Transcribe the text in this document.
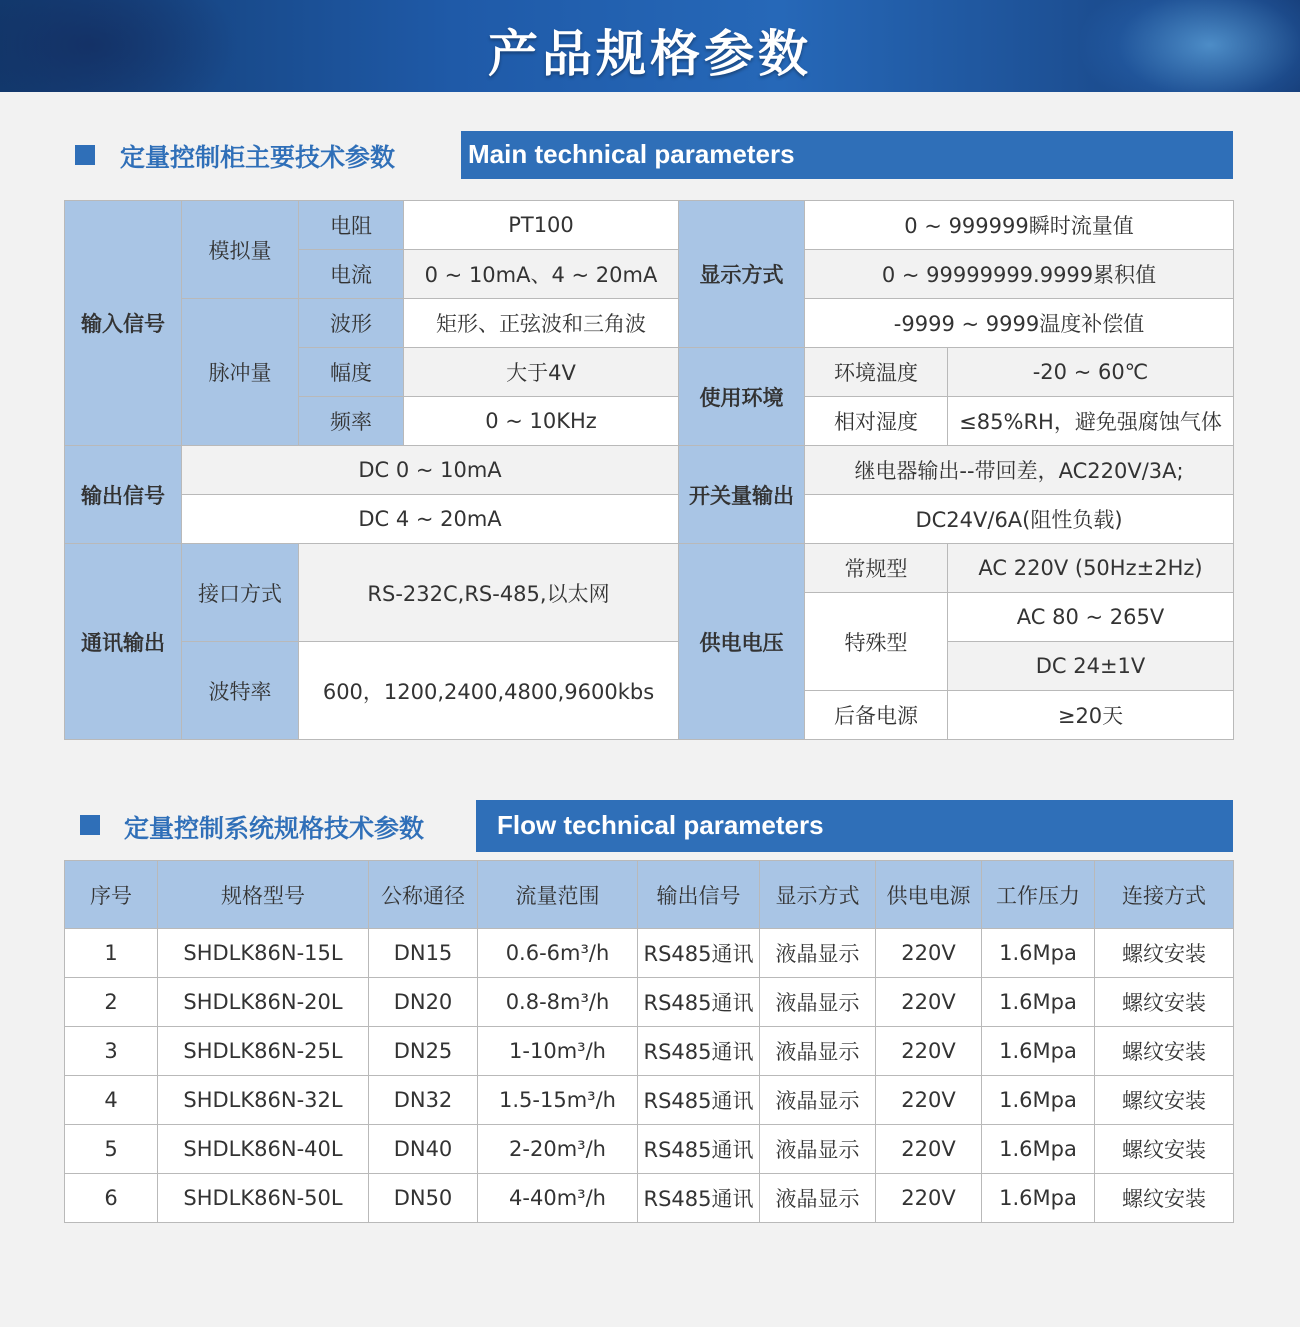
产品规格参数
定量控制柜主要技术参数	Main technical parameters
输入信号	模拟量	电阻	PT100	显示方式	0 ~ 999999瞬时流量值	
		电流	0 ~ 10mA、4 ~ 20mA		0 ~ 99999999.9999累积值	
	脉冲量	波形	矩形、正弦波和三角波		-9999 ~ 9999温度补偿值	
		幅度	大于4V	使用环境	环境温度	-20 ~ 60℃
		频率	0 ~ 10KHz		相对湿度	≤85%RH，避免强腐蚀气体
输出信号	DC 0 ~ 10mA			开关量输出	继电器输出--带回差，AC220V/3A;	
	DC 4 ~ 20mA				DC24V/6A(阻性负载)	
通讯输出	接口方式	RS-232C,RS-485,以太网		供电电压	常规型	AC 220V (50Hz±2Hz)
					特殊型	AC 80 ~ 265V
	波特率	600，1200,2400,4800,9600kbs				DC 24±1V
					后备电源	≥20天
定量控制系统规格技术参数	Flow technical parameters
序号	规格型号	公称通径	流量范围	输出信号	显示方式	供电电源	工作压力	连接方式
1	SHDLK86N-15L	DN15	0.6-6m³/h	RS485通讯	液晶显示	220V	1.6Mpa	螺纹安装
2	SHDLK86N-20L	DN20	0.8-8m³/h	RS485通讯	液晶显示	220V	1.6Mpa	螺纹安装
3	SHDLK86N-25L	DN25	1-10m³/h	RS485通讯	液晶显示	220V	1.6Mpa	螺纹安装
4	SHDLK86N-32L	DN32	1.5-15m³/h	RS485通讯	液晶显示	220V	1.6Mpa	螺纹安装
5	SHDLK86N-40L	DN40	2-20m³/h	RS485通讯	液晶显示	220V	1.6Mpa	螺纹安装
6	SHDLK86N-50L	DN50	4-40m³/h	RS485通讯	液晶显示	220V	1.6Mpa	螺纹安装
